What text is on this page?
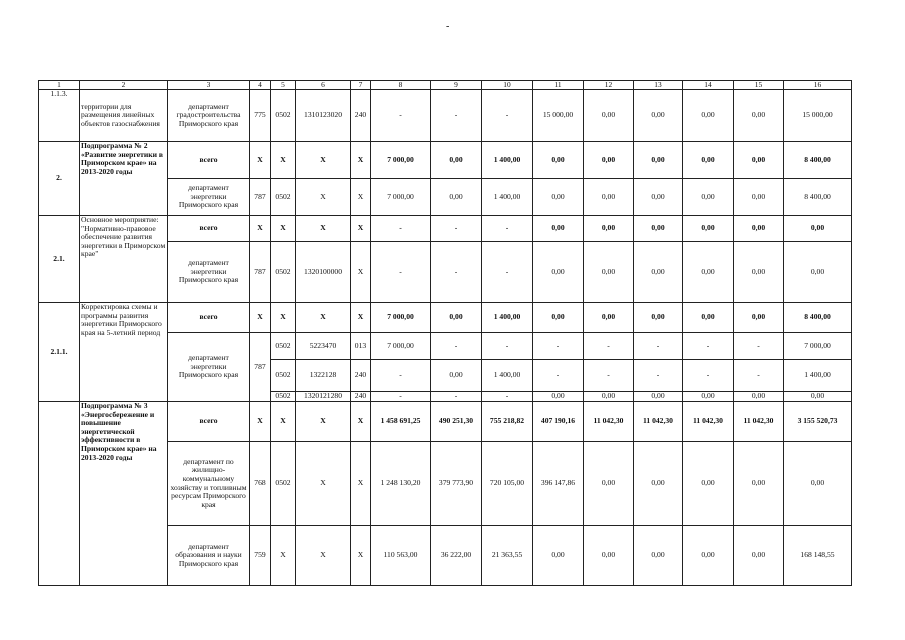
-
1	2	3	4	5	6	7	8	9	10	11	12	13	14	15	16
1.1.3.	территории для размещения линейных объектов газоснабжения	департамент градостроительства Приморского края	775	0502	1310123020	240	-	-	-	15 000,00	0,00	0,00	0,00	0,00	15 000,00
2.	Подпрограмма № 2 «Развитие энергетики в Приморском крае» на 2013-2020 годы	всего	X	X	X	X	7 000,00	0,00	1 400,00	0,00	0,00	0,00	0,00	0,00	8 400,00
		департамент энергетики Приморского края	787	0502	X	X	7 000,00	0,00	1 400,00	0,00	0,00	0,00	0,00	0,00	8 400,00
2.1.	Основное мероприятие: "Нормативно-правовое обеспечение развития энергетики в Приморском крае"	всего	X	X	X	X	-	-	-	0,00	0,00	0,00	0,00	0,00	0,00
		департамент энергетики Приморского края	787	0502	1320100000	X	-	-	-	0,00	0,00	0,00	0,00	0,00	0,00
2.1.1.	Корректировка схемы и программы развития энергетики Приморского края на 5-летний период	всего	X	X	X	X	7 000,00	0,00	1 400,00	0,00	0,00	0,00	0,00	0,00	8 400,00
		департамент энергетики Приморского края	787	0502	5223470	013	7 000,00	-	-	-	-	-	-	-	7 000,00
				0502	1322128	240	-	0,00	1 400,00	-	-	-	-	-	1 400,00
				0502	1320121280	240	-	-	-	0,00	0,00	0,00	0,00	0,00	0,00
	Подпрограмма № 3 «Энергосбережение и повышение энергетической эффективности в Приморском крае» на 2013-2020 годы	всего	X	X	X	X	1 458 691,25	490 251,30	755 218,82	407 190,16	11 042,30	11 042,30	11 042,30	11 042,30	3 155 520,73
		департамент по жилищно-коммунальному хозяйству и топливным ресурсам Приморского края	768	0502	X	X	1 248 130,20	379 773,90	720 105,00	396 147,86	0,00	0,00	0,00	0,00	0,00
		департамент образования и науки Приморского края	759	X	X	X	110 563,00	36 222,00	21 363,55	0,00	0,00	0,00	0,00	0,00	168 148,55
